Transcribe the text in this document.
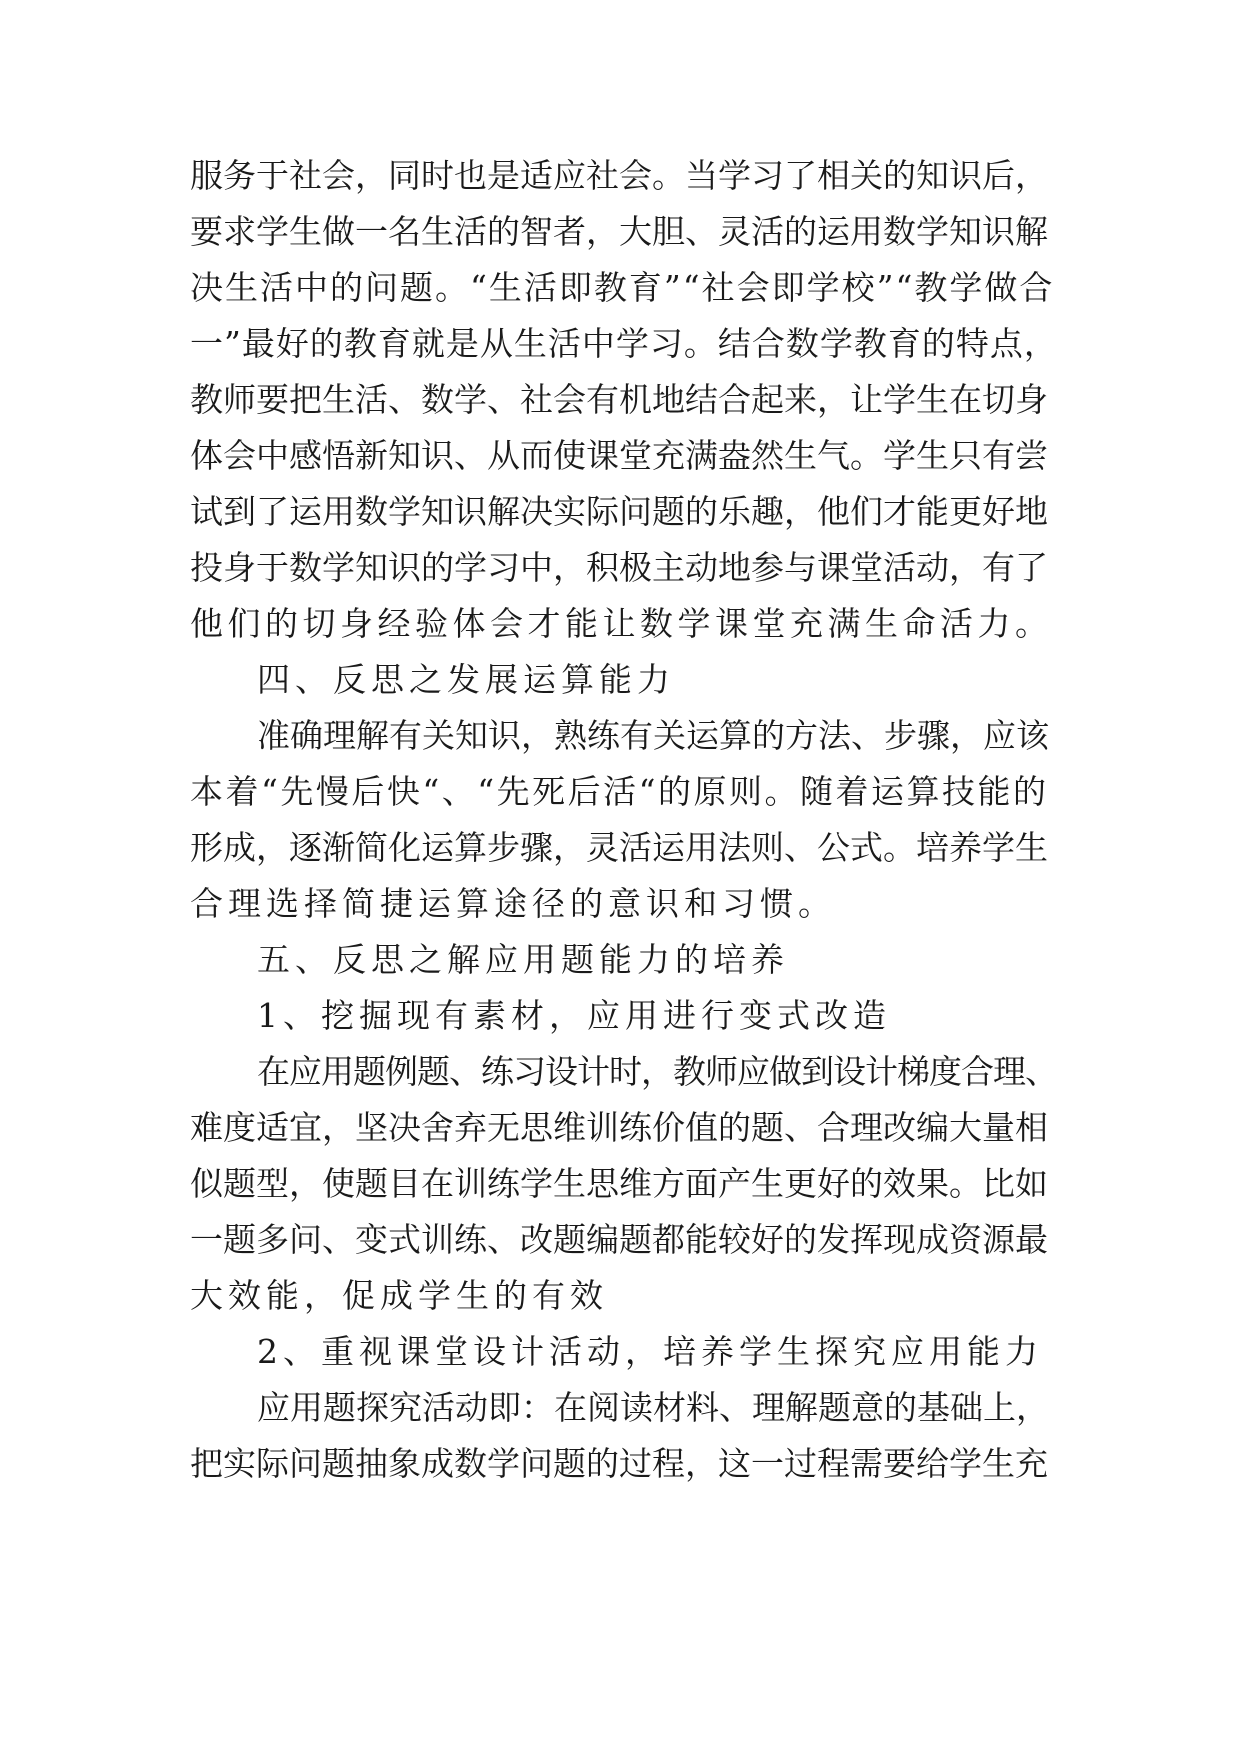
服务于社会，同时也是适应社会。当学习了相关的知识后，
要求学生做一名生活的智者，大胆、灵活的运用数学知识解
决生活中的问题。“生活即教育”“社会即学校”“教学做合
一”最好的教育就是从生活中学习。结合数学教育的特点，
教师要把生活、数学、社会有机地结合起来，让学生在切身
体会中感悟新知识、从而使课堂充满盎然生气。学生只有尝
试到了运用数学知识解决实际问题的乐趣，他们才能更好地
投身于数学知识的学习中，积极主动地参与课堂活动，有了
他们的切身经验体会才能让数学课堂充满生命活力。
四、反思之发展运算能力
准确理解有关知识，熟练有关运算的方法、步骤，应该
本着“先慢后快“、“先死后活“的原则。随着运算技能的
形成，逐渐简化运算步骤，灵活运用法则、公式。培养学生
合理选择简捷运算途径的意识和习惯。
五、反思之解应用题能力的培养
1、挖掘现有素材，应用进行变式改造
在应用题例题、练习设计时，教师应做到设计梯度合理、
难度适宜，坚决舍弃无思维训练价值的题、合理改编大量相
似题型，使题目在训练学生思维方面产生更好的效果。比如
一题多问、变式训练、改题编题都能较好的发挥现成资源最
大效能，促成学生的有效
2、重视课堂设计活动，培养学生探究应用能力
应用题探究活动即：在阅读材料、理解题意的基础上，
把实际问题抽象成数学问题的过程，这一过程需要给学生充
